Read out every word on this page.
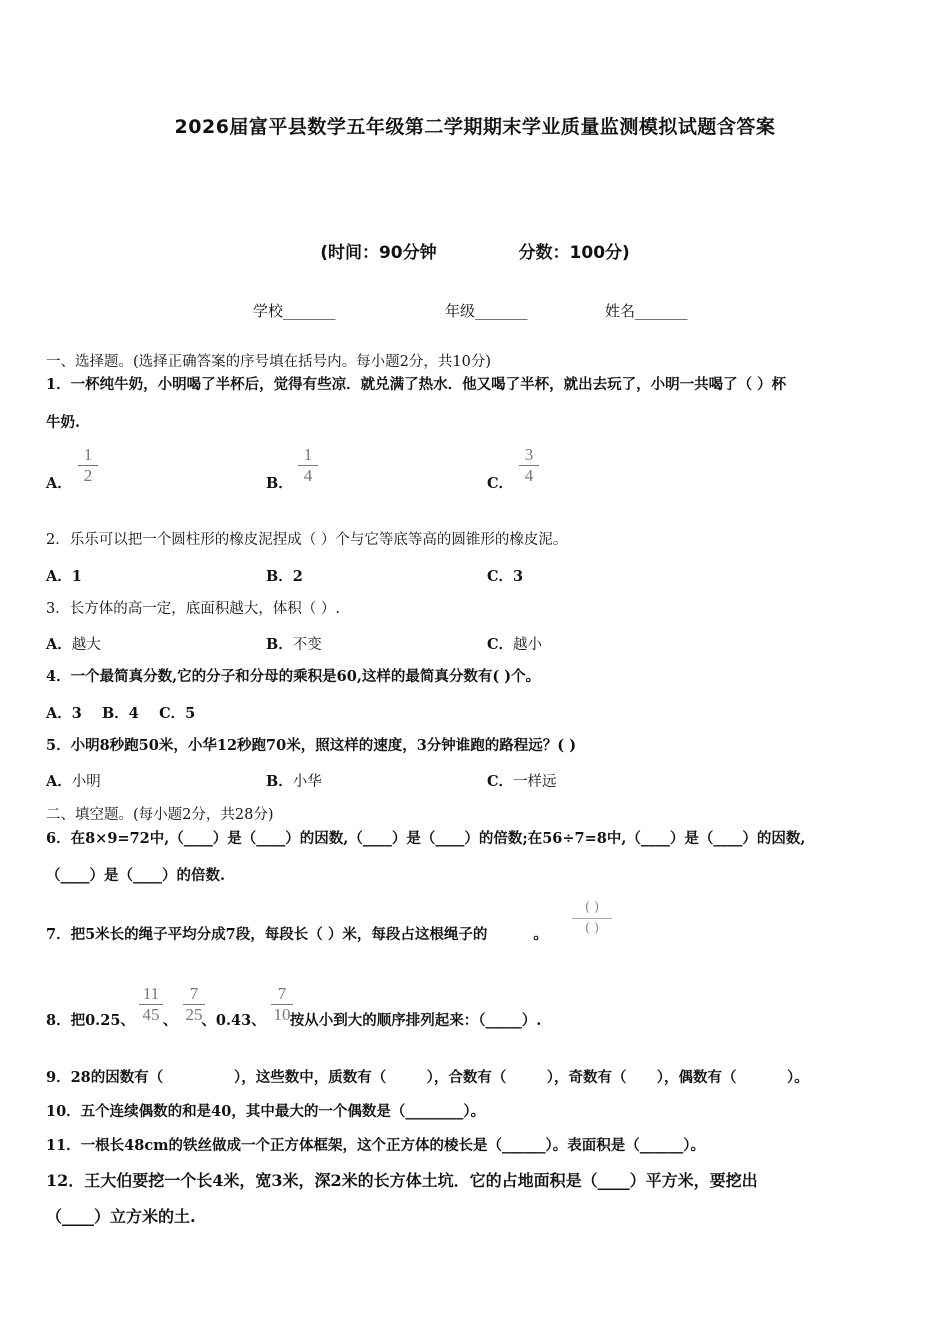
2026届富平县数学五年级第二学期期末学业质量监测模拟试题含答案
(时间：90分钟	分数：100分)
学校_______	年级_______	姓名_______
一、选择题。(选择正确答案的序号填在括号内。每小题2分，共10分)
1．一杯纯牛奶，小明喝了半杯后，觉得有些凉．就兑满了热水．他又喝了半杯，就出去玩了，小明一共喝了（ ）杯
牛奶.
A．
1
2	B．
1
4	C．
3
4
2．乐乐可以把一个圆柱形的橡皮泥捏成（ ）个与它等底等高的圆锥形的橡皮泥。
A．1	B．2	C．3
3．长方体的高一定，底面积越大，体积（ ）.
A．越大	B．不变	C．越小
4．一个最简真分数,它的分子和分母的乘积是60,这样的最简真分数有( )个。
A．3    B．4    C．5
5．小明8秒跑50米，小华12秒跑70米，照这样的速度，3分钟谁跑的路程远？( )
A．小明	B．小华	C．一样远
二、填空题。(每小题2分，共28分)
6．在8×9=72中,（____）是（____）的因数,（____）是（____）的倍数;在56÷7=8中,（____）是（____）的因数,
（____）是（____）的倍数.
7．把5米长的绳子平均分成7段，每段长（ ）米，每段占这根绳子的	。
( )
( )
8．把0.25、 、 、0.43、 按从小到大的顺序排列起来：（_____）.
11
45
7
25
7
10
9．28的因数有（              ），这些数中，质数有（        ），合数有（        ），奇数有（      ），偶数有（          ）。
10．五个连续偶数的和是40，其中最大的一个偶数是（________）。
11．一根长48cm的铁丝做成一个正方体框架，这个正方体的棱长是（______）。表面积是（______）。
12．王大伯要挖一个长4米，宽3米，深2米的长方体土坑．它的占地面积是（____）平方米，要挖出
（____）立方米的土.
